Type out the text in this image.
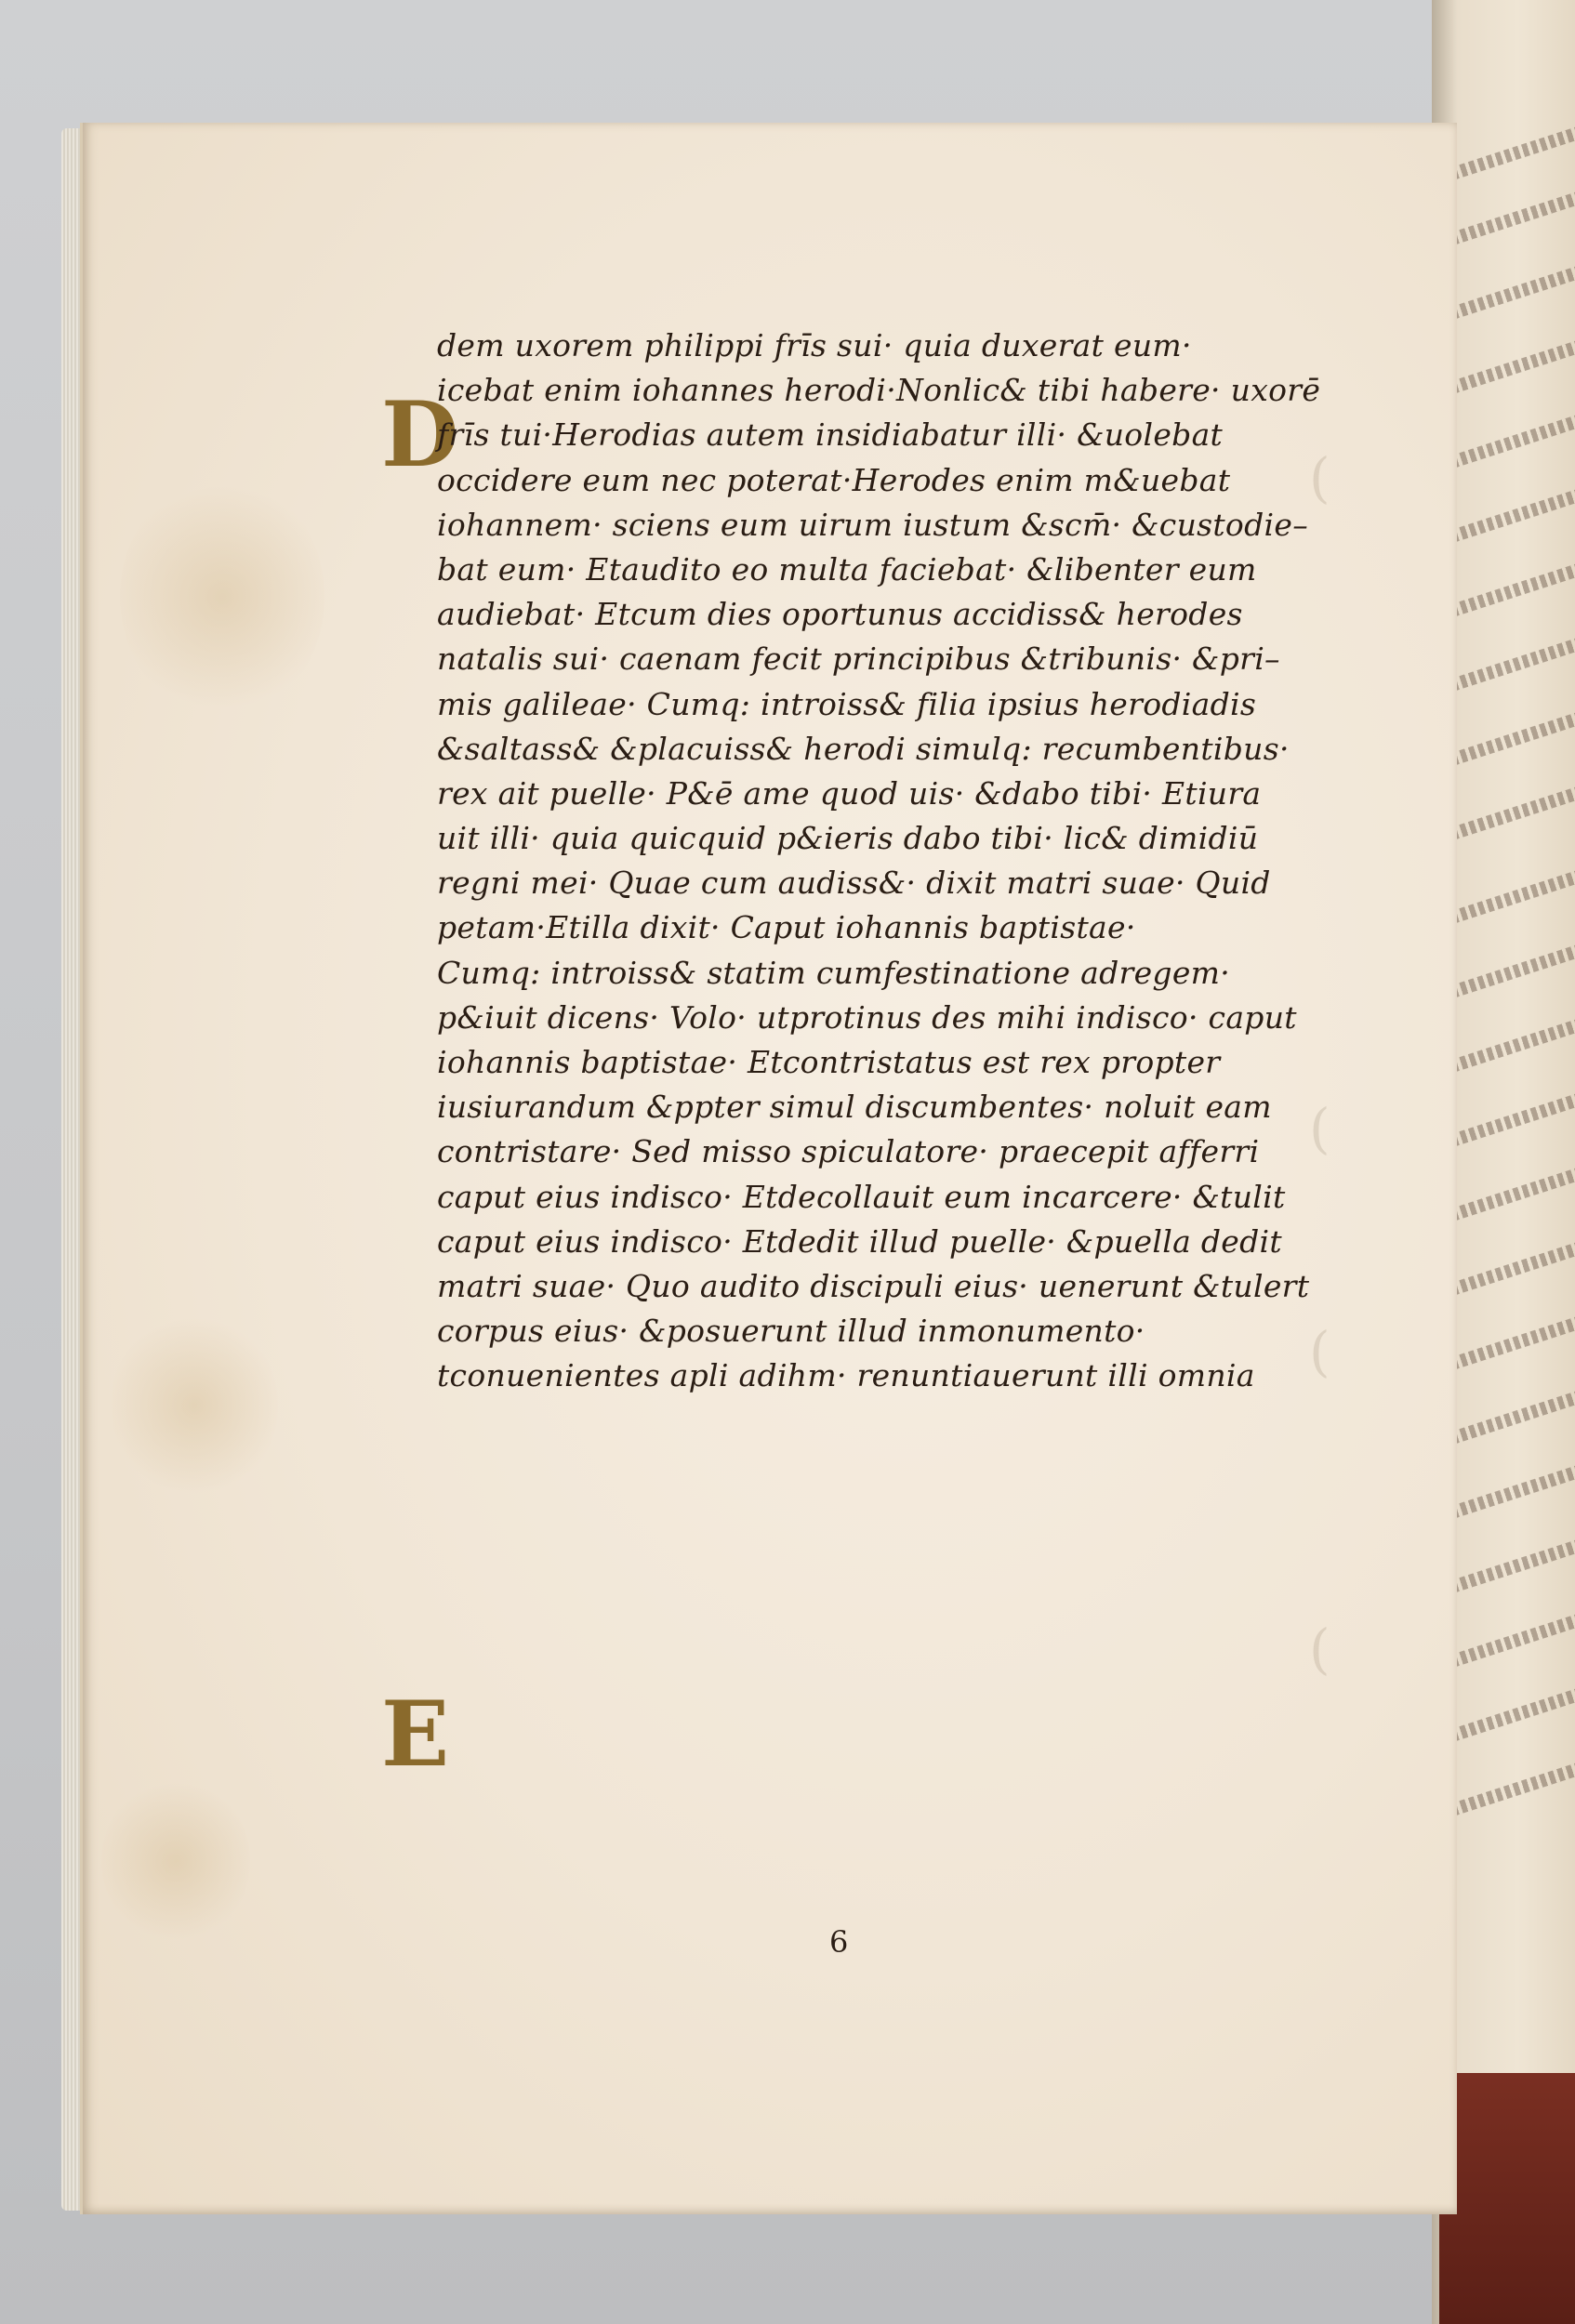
(
(
(
(
D
E
dem uxorem philippi frīs sui· quia duxerat eum·
icebat enim iohannes herodi·Nonlic& tibi habere· uxorē
frīs tui·Herodias autem insidiabatur illi· &uolebat
occidere eum nec poterat·Herodes enim m&uebat
iohannem· sciens eum uirum iustum &scm̄· &custodie–
bat eum· Etaudito eo multa faciebat· &libenter eum
audiebat· Etcum dies oportunus accidiss& herodes
natalis sui· caenam fecit principibus &tribunis· &pri–
mis galileae· Cumq: introiss& filia ipsius herodiadis
&saltass& &placuiss& herodi simulq: recumbentibus·
rex ait puelle· P&ē ame quod uis· &dabo tibi· Etiura
uit illi· quia quicquid p&ieris dabo tibi· lic& dimidiū
regni mei· Quae cum audiss&· dixit matri suae· Quid
petam·Etilla dixit· Caput iohannis baptistae·
Cumq: introiss& statim cumfestinatione adregem·
p&iuit dicens· Volo· utprotinus des mihi indisco· caput
iohannis baptistae· Etcontristatus est rex propter
iusiurandum &ppter simul discumbentes· noluit eam
contristare· Sed misso spiculatore· praecepit afferri
caput eius indisco· Etdecollauit eum incarcere· &tulit
caput eius indisco· Etdedit illud puelle· &puella dedit
matri suae· Quo audito discipuli eius· uenerunt &tulert
corpus eius· &posuerunt illud inmonumento·
tconuenientes apli adihm· renuntiauerunt illi omnia
6
